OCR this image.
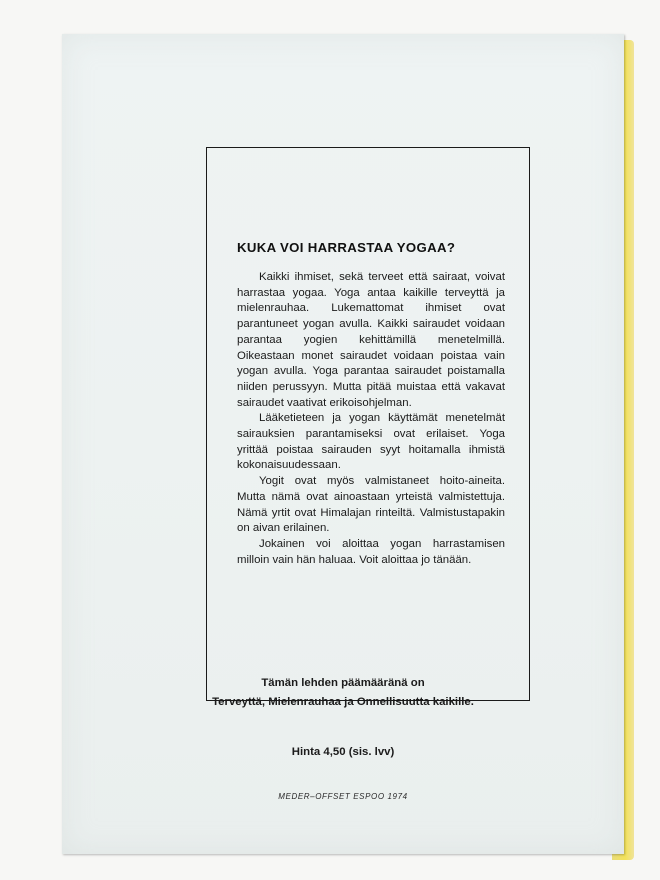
KUKA VOI HARRASTAA YOGAA?

Kaikki ihmiset, sekä terveet että sairaat, voivat harrastaa yogaa. Yoga antaa kaikille terveyttä ja mielenrauhaa. Lukemattomat ihmiset ovat parantuneet yogan avulla. Kaikki sairaudet voidaan parantaa yogien kehittämillä menetelmillä. Oikeastaan monet sairaudet voidaan poistaa vain yogan avulla. Yoga parantaa sairaudet poistamalla niiden perussyyn. Mutta pitää muistaa että vakavat sairaudet vaativat erikoisohjelman.

Lääketieteen ja yogan käyttämät menetelmät sairauksien parantamiseksi ovat erilaiset. Yoga yrittää poistaa sairauden syyt hoitamalla ihmistä kokonaisuudessaan.

Yogit ovat myös valmistaneet hoito-aineita. Mutta nämä ovat ainoastaan yrteistä valmistettuja. Nämä yrtit ovat Himalajan rinteiltä. Valmistustapakin on aivan erilainen.

Jokainen voi aloittaa yogan harrastamisen milloin vain hän haluaa. Voit aloittaa jo tänään.

Tämän lehden päämääränä on
Terveyttä, Mielenrauhaa ja Onnellisuutta kaikille.
Hinta 4,50 (sis. lvv)
MEDER–OFFSET ESPOO 1974
